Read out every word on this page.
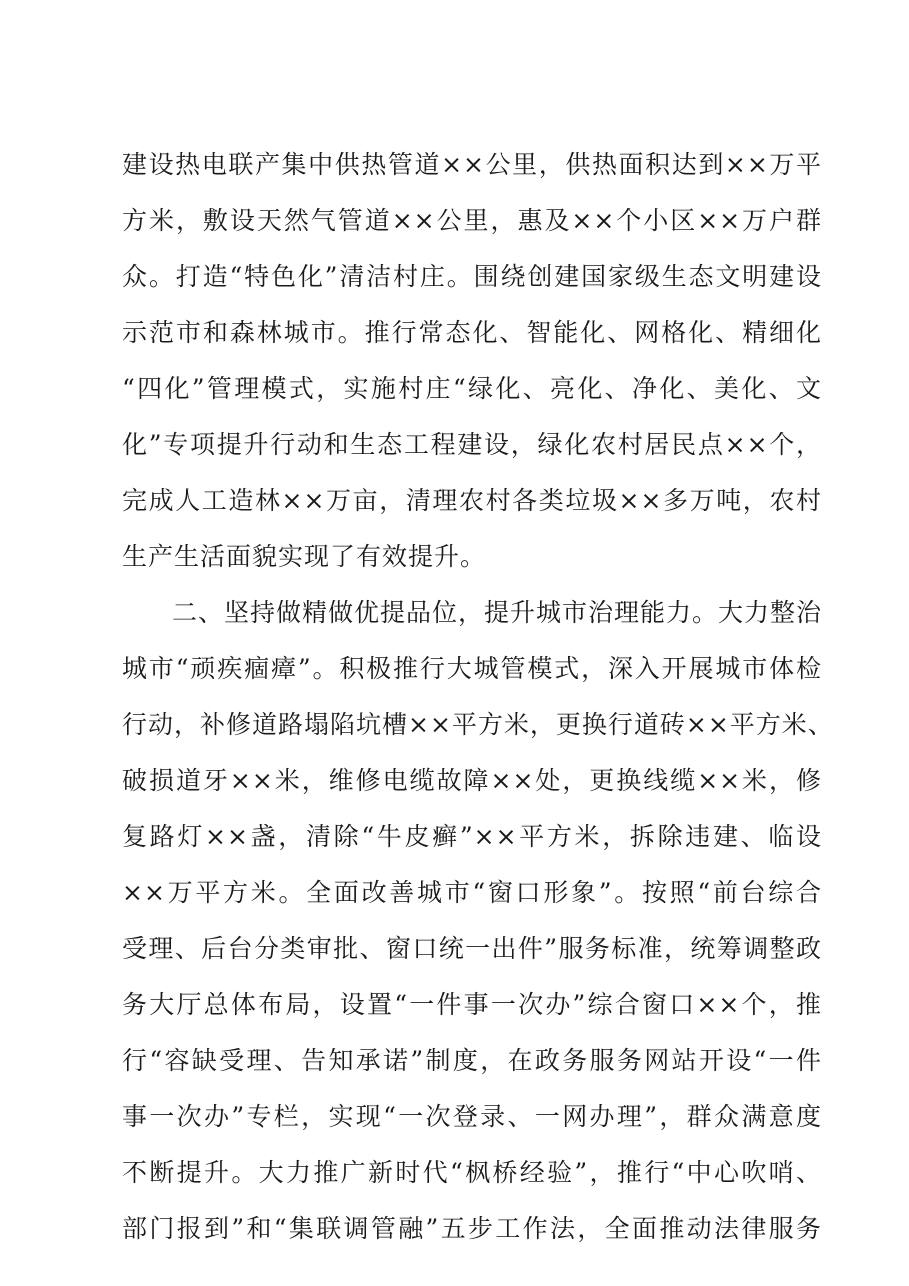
建设热电联产集中供热管道××公里，供热面积达到××万平
方米，敷设天然气管道××公里，惠及××个小区××万户群
众。打造“特色化”清洁村庄。围绕创建国家级生态文明建设
示范市和森林城市。推行常态化、智能化、网格化、精细化
“四化”管理模式，实施村庄“绿化、亮化、净化、美化、文
化”专项提升行动和生态工程建设，绿化农村居民点××个，
完成人工造林××万亩，清理农村各类垃圾××多万吨，农村
生产生活面貌实现了有效提升。
二、坚持做精做优提品位，提升城市治理能力。大力整治
城市“顽疾痼瘴”。积极推行大城管模式，深入开展城市体检
行动，补修道路塌陷坑槽××平方米，更换行道砖××平方米、
破损道牙××米，维修电缆故障××处，更换线缆××米，修
复路灯××盏，清除“牛皮癣”××平方米，拆除违建、临设
××万平方米。全面改善城市“窗口形象”。按照“前台综合
受理、后台分类审批、窗口统一出件”服务标准，统筹调整政
务大厅总体布局，设置“一件事一次办”综合窗口××个，推
行“容缺受理、告知承诺”制度，在政务服务网站开设“一件
事一次办”专栏，实现“一次登录、一网办理”，群众满意度
不断提升。大力推广新时代“枫桥经验”，推行“中心吹哨、
部门报到”和“集联调管融”五步工作法，全面推动法律服务
